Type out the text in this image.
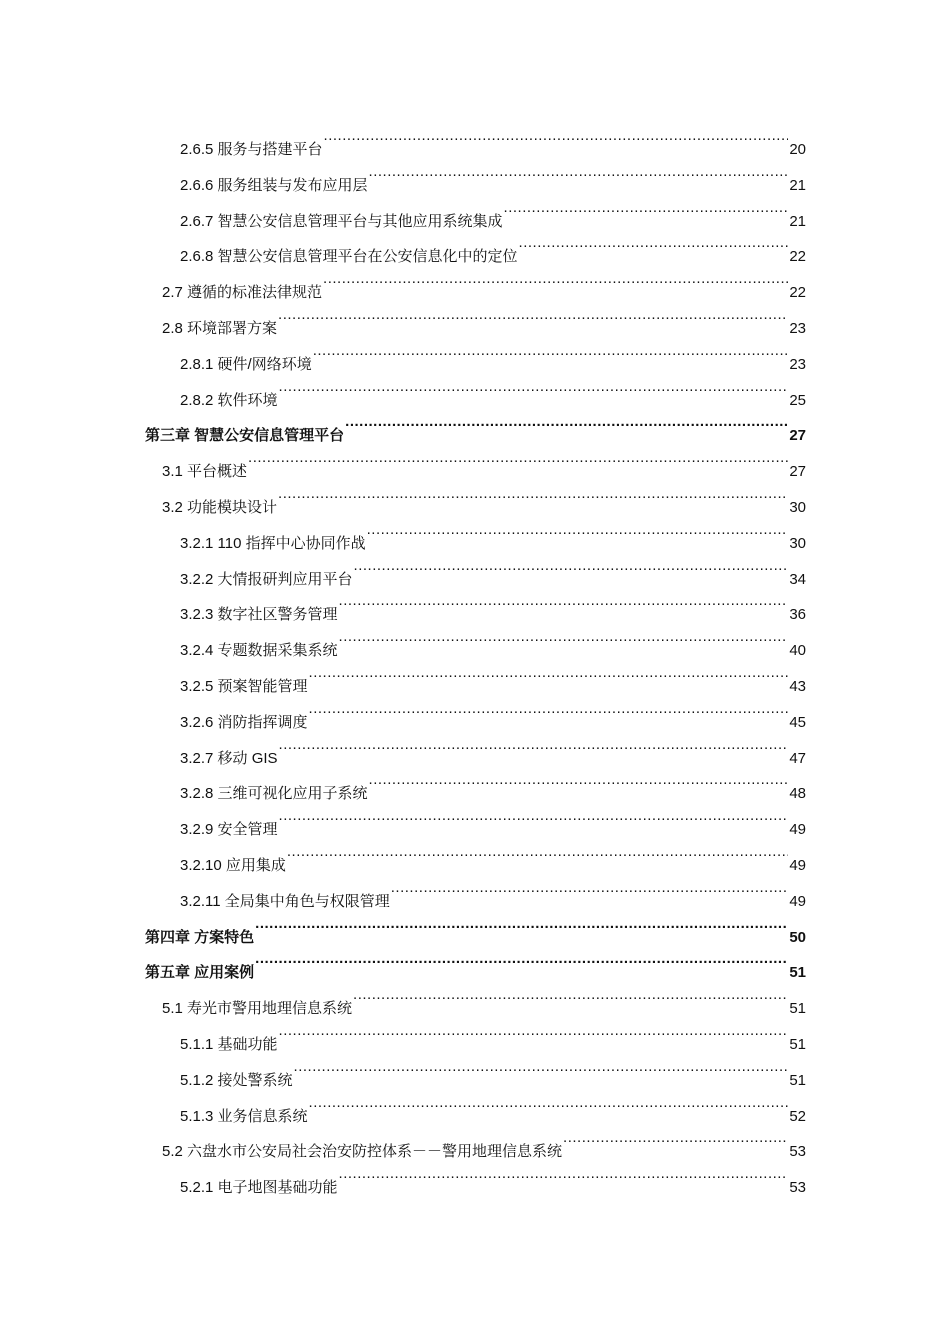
2.6.5 服务与搭建平台 .....	20
2.6.6 服务组装与发布应用层 .....	21
2.6.7 智慧公安信息管理平台与其他应用系统集成 .....	21
2.6.8 智慧公安信息管理平台在公安信息化中的定位 .....	22
2.7 遵循的标准法律规范 .....	22
2.8 环境部署方案 .....	23
2.8.1 硬件/网络环境 .....	23
2.8.2 软件环境 .....	25
第三章 智慧公安信息管理平台 .....	27
3.1 平台概述 .....	27
3.2 功能模块设计 .....	30
3.2.1 110 指挥中心协同作战 .....	30
3.2.2 大情报研判应用平台 .....	34
3.2.3 数字社区警务管理 .....	36
3.2.4 专题数据采集系统 .....	40
3.2.5 预案智能管理 .....	43
3.2.6 消防指挥调度 .....	45
3.2.7 移动 GIS .....	47
3.2.8 三维可视化应用子系统 .....	48
3.2.9 安全管理 .....	49
3.2.10 应用集成 .....	49
3.2.11 全局集中角色与权限管理 .....	49
第四章 方案特色 .....	50
第五章 应用案例 .....	51
5.1 寿光市警用地理信息系统 .....	51
5.1.1 基础功能 .....	51
5.1.2 接处警系统 .....	51
5.1.3 业务信息系统 .....	52
5.2 六盘水市公安局社会治安防控体系－－警用地理信息系统 .....	53
5.2.1 电子地图基础功能 .....	53
